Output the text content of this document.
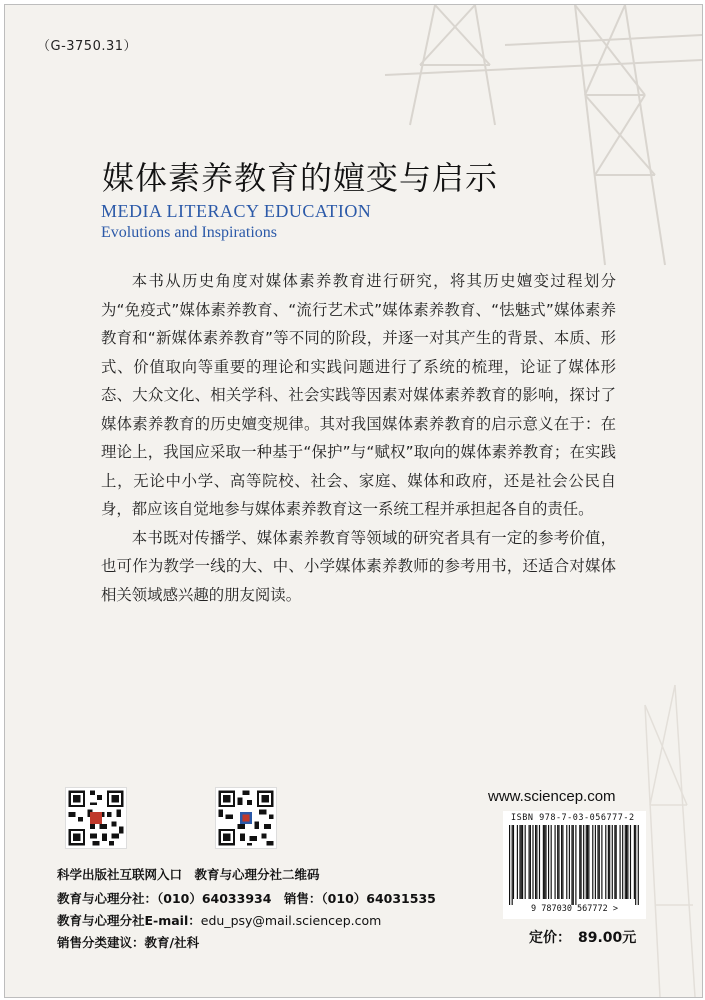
（G-3750.31）
媒体素养教育的嬗变与启示
MEDIA LITERACY EDUCATION
Evolutions and Inspirations

本书从历史角度对媒体素养教育进行研究，将其历史嬗变过程划分为“免疫式”媒体素养教育、“流行艺术式”媒体素养教育、“怯魅式”媒体素养教育和“新媒体素养教育”等不同的阶段，并逐一对其产生的背景、本质、形式、价值取向等重要的理论和实践问题进行了系统的梳理，论证了媒体形态、大众文化、相关学科、社会实践等因素对媒体素养教育的影响，探讨了媒体素养教育的历史嬗变规律。其对我国媒体素养教育的启示意义在于：在理论上，我国应采取一种基于“保护”与“赋权”取向的媒体素养教育；在实践上，无论中小学、高等院校、社会、家庭、媒体和政府，还是社会公民自身，都应该自觉地参与媒体素养教育这一系统工程并承担起各自的责任。

本书既对传播学、媒体素养教育等领域的研究者具有一定的参考价值，也可作为教学一线的大、中、小学媒体素养教师的参考用书，还适合对媒体相关领域感兴趣的朋友阅读。

科学出版社互联网入口　教育与心理分社二维码
教育与心理分社：（010）64033934　销售：（010）64031535
教育与心理分社E-mail：edu_psy@mail.sciencep.com
销售分类建议：教育/社科
www.sciencep.com
ISBN 978-7-03-056777-2
9 787030 567772 >
定价：　89.00元
